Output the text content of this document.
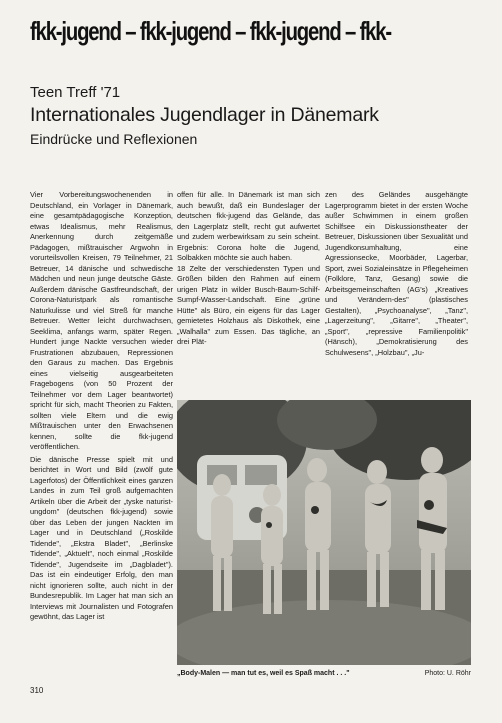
fkk-jugend – fkk-jugend – fkk-jugend – fkk-
Teen Treff '71
Internationales Jugendlager in Dänemark
Eindrücke und Reflexionen

Vier Vorbereitungswochenenden in Deutschland, ein Vorlager in Dänemark, eine gesamtpädagogische Konzeption, etwas Idealismus, mehr Realismus, Anerkennung durch zeitgemäße Pädagogen, mißtrauischer Argwohn in vorurteilsvollen Kreisen, 79 Teilnehmer, 21 Betreuer, 14 dänische und schwedische Mädchen und neun junge deutsche Gäste. Außerdem dänische Gastfreundschaft, der Corona-Naturistpark als romantische Naturkulisse und viel Streß für manche Betreuer. Wetter leicht durchwachsen, Seeklima, anfangs warm, später Regen. Hundert junge Nackte versuchen wieder Frustrationen abzubauen, Repressionen den Garaus zu machen. Das Ergebnis eines vielseitig ausgearbeiteten Fragebogens (von 50 Prozent der Teilnehmer vor dem Lager beantwortet) spricht für sich, macht Theorien zu Fakten, sollten viele Eltern und die ewig Mißtrauischen unter den Erwachsenen kennen, sollte die fkk-jugend veröffentlichen.

Die dänische Presse spielt mit und berichtet in Wort und Bild (zwölf gute Lagerfotos) der Öffentlichkeit eines ganzen Landes in zum Teil groß aufgemachten Artikeln über die Arbeit der „tyske naturist-ungdom" (deutschen fkk-jugend) sowie über das Leben der jungen Nackten im Lager und in Deutschland („Roskilde Tidende", „Ekstra Bladet", „Berlinske Tidende", „Aktuelt", noch einmal „Roskilde Tidende", Jugendseite im „Dagbladet"). Das ist ein eindeutiger Erfolg, den man nicht ignorieren sollte, auch nicht in der Bundesrepublik. Im Lager hat man sich an Interviews mit Journalisten und Fotografen gewöhnt, das Lager ist

offen für alle. In Dänemark ist man sich auch bewußt, daß ein Bundeslager der deutschen fkk-jugend das Gelände, das den Lagerplatz stellt, recht gut aufwertet und zudem werbewirksam zu sein scheint. Ergebnis: Corona holte die Jugend, Solbakken möchte sie auch haben.

18 Zelte der verschiedensten Typen und Größen bilden den Rahmen auf einem urigen Platz in wilder Busch-Baum-Schilf-Sumpf-Wasser-Landschaft. Eine „grüne Hütte" als Büro, ein eigens für das Lager gemietetes Holzhaus als Diskothek, eine „Walhalla" zum Essen. Das tägliche, an drei Plät-

zen des Geländes ausgehängte Lagerprogramm bietet in der ersten Woche außer Schwimmen in einem großen Schilfsee ein Diskussionstheater der Betreuer, Diskussionen über Sexualität und Jugendkonsumhaltung, eine Agressionsecke, Moorbäder, Lagerbar, Sport, zwei Sozialeinsätze in Pflegeheimen (Folklore, Tanz, Gesang) sowie die Arbeitsgemeinschaften (AG's) „Kreatives und Verändern-des" (plastisches Gestalten), „Psychoanalyse", „Tanz", „Lagerzeitung", „Gitarre", „Theater", „Sport", „repressive Familienpolitik" (Hänsch), „Demokratisierung des Schulwesens", „Holzbau", „Ju-

„Body-Malen — man tut es, weil es Spaß macht . . ."	Photo: U. Röhr
310
